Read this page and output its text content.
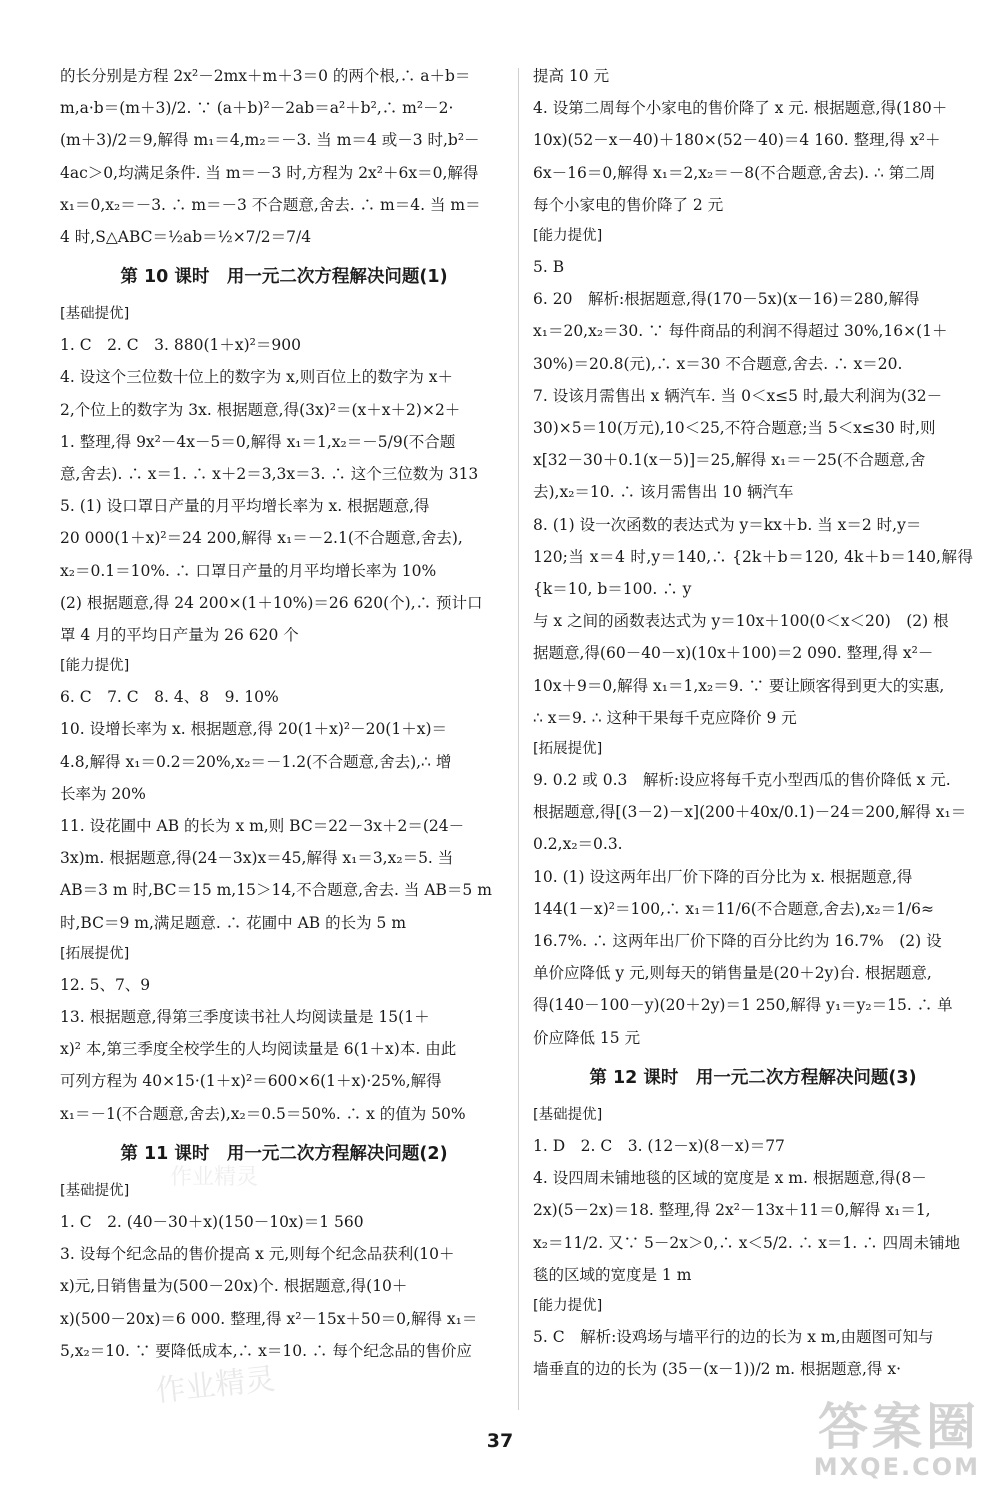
的长分别是方程 2x²－2mx＋m＋3＝0 的两个根,∴ a＋b＝
m,a·b＝(m＋3)/2. ∵ (a＋b)²－2ab＝a²＋b²,∴ m²－2·
(m＋3)/2＝9,解得 m₁＝4,m₂＝－3. 当 m＝4 或－3 时,b²－
4ac＞0,均满足条件. 当 m＝－3 时,方程为 2x²＋6x＝0,解得
x₁＝0,x₂＝－3. ∴ m＝－3 不合题意,舍去. ∴ m＝4. 当 m＝
4 时,S△ABC＝½ab＝½×7/2＝7/4
第 10 课时　用一元二次方程解决问题(1)
[基础提优]
1. C　2. C　3. 880(1＋x)²＝900
4. 设这个三位数十位上的数字为 x,则百位上的数字为 x＋
2,个位上的数字为 3x. 根据题意,得(3x)²＝(x＋x＋2)×2＋
1. 整理,得 9x²－4x－5＝0,解得 x₁＝1,x₂＝－5/9(不合题
意,舍去). ∴ x＝1. ∴ x＋2＝3,3x＝3. ∴ 这个三位数为 313
5. (1) 设口罩日产量的月平均增长率为 x. 根据题意,得
20 000(1＋x)²＝24 200,解得 x₁＝－2.1(不合题意,舍去),
x₂＝0.1＝10%. ∴ 口罩日产量的月平均增长率为 10%
(2) 根据题意,得 24 200×(1＋10%)＝26 620(个),∴ 预计口
罩 4 月的平均日产量为 26 620 个
[能力提优]
6. C　7. C　8. 4、8　9. 10%
10. 设增长率为 x. 根据题意,得 20(1＋x)²－20(1＋x)＝
4.8,解得 x₁＝0.2＝20%,x₂＝－1.2(不合题意,舍去),∴ 增
长率为 20%
11. 设花圃中 AB 的长为 x m,则 BC＝22－3x＋2＝(24－
3x)m. 根据题意,得(24－3x)x＝45,解得 x₁＝3,x₂＝5. 当
AB＝3 m 时,BC＝15 m,15＞14,不合题意,舍去. 当 AB＝5 m
时,BC＝9 m,满足题意. ∴ 花圃中 AB 的长为 5 m
[拓展提优]
12. 5、7、9
13. 根据题意,得第三季度读书社人均阅读量是 15(1＋
x)² 本,第三季度全校学生的人均阅读量是 6(1＋x)本. 由此
可列方程为 40×15·(1＋x)²＝600×6(1＋x)·25%,解得
x₁＝－1(不合题意,舍去),x₂＝0.5＝50%. ∴ x 的值为 50%
第 11 课时　用一元二次方程解决问题(2)
[基础提优]
1. C　2. (40－30＋x)(150－10x)＝1 560
3. 设每个纪念品的售价提高 x 元,则每个纪念品获利(10＋
x)元,日销售量为(500－20x)个. 根据题意,得(10＋
x)(500－20x)＝6 000. 整理,得 x²－15x＋50＝0,解得 x₁＝
5,x₂＝10. ∵ 要降低成本,∴ x＝10. ∴ 每个纪念品的售价应
提高 10 元
4. 设第二周每个小家电的售价降了 x 元. 根据题意,得(180＋
10x)(52－x－40)＋180×(52－40)＝4 160. 整理,得 x²＋
6x－16＝0,解得 x₁＝2,x₂＝－8(不合题意,舍去). ∴ 第二周
每个小家电的售价降了 2 元
[能力提优]
5. B
6. 20　解析:根据题意,得(170－5x)(x－16)＝280,解得
x₁＝20,x₂＝30. ∵ 每件商品的利润不得超过 30%,16×(1＋
30%)＝20.8(元),∴ x＝30 不合题意,舍去. ∴ x＝20.
7. 设该月需售出 x 辆汽车. 当 0＜x≤5 时,最大利润为(32－
30)×5＝10(万元),10＜25,不符合题意;当 5＜x≤30 时,则
x[32－30＋0.1(x－5)]＝25,解得 x₁＝－25(不合题意,舍
去),x₂＝10. ∴ 该月需售出 10 辆汽车
8. (1) 设一次函数的表达式为 y＝kx＋b. 当 x＝2 时,y＝
120;当 x＝4 时,y＝140,∴ {2k＋b＝120, 4k＋b＝140,解得 {k＝10, b＝100. ∴ y
与 x 之间的函数表达式为 y＝10x＋100(0＜x＜20)　(2) 根
据题意,得(60－40－x)(10x＋100)＝2 090. 整理,得 x²－
10x＋9＝0,解得 x₁＝1,x₂＝9. ∵ 要让顾客得到更大的实惠,
∴ x＝9. ∴ 这种干果每千克应降价 9 元
[拓展提优]
9. 0.2 或 0.3　解析:设应将每千克小型西瓜的售价降低 x 元.
根据题意,得[(3－2)－x](200＋40x/0.1)－24＝200,解得 x₁＝
0.2,x₂＝0.3.
10. (1) 设这两年出厂价下降的百分比为 x. 根据题意,得
144(1－x)²＝100,∴ x₁＝11/6(不合题意,舍去),x₂＝1/6≈
16.7%. ∴ 这两年出厂价下降的百分比约为 16.7%　(2) 设
单价应降低 y 元,则每天的销售量是(20＋2y)台. 根据题意,
得(140－100－y)(20＋2y)＝1 250,解得 y₁＝y₂＝15. ∴ 单
价应降低 15 元
第 12 课时　用一元二次方程解决问题(3)
[基础提优]
1. D　2. C　3. (12－x)(8－x)＝77
4. 设四周未铺地毯的区域的宽度是 x m. 根据题意,得(8－
2x)(5－2x)＝18. 整理,得 2x²－13x＋11＝0,解得 x₁＝1,
x₂＝11/2. 又∵ 5－2x＞0,∴ x＜5/2. ∴ x＝1. ∴ 四周未铺地
毯的区域的宽度是 1 m
[能力提优]
5. C　解析:设鸡场与墙平行的边的长为 x m,由题图可知与
墙垂直的边的长为 (35－(x－1))/2 m. 根据题意,得 x·
作业精灵
作业精灵
37	答案圈
MXQE.COM
